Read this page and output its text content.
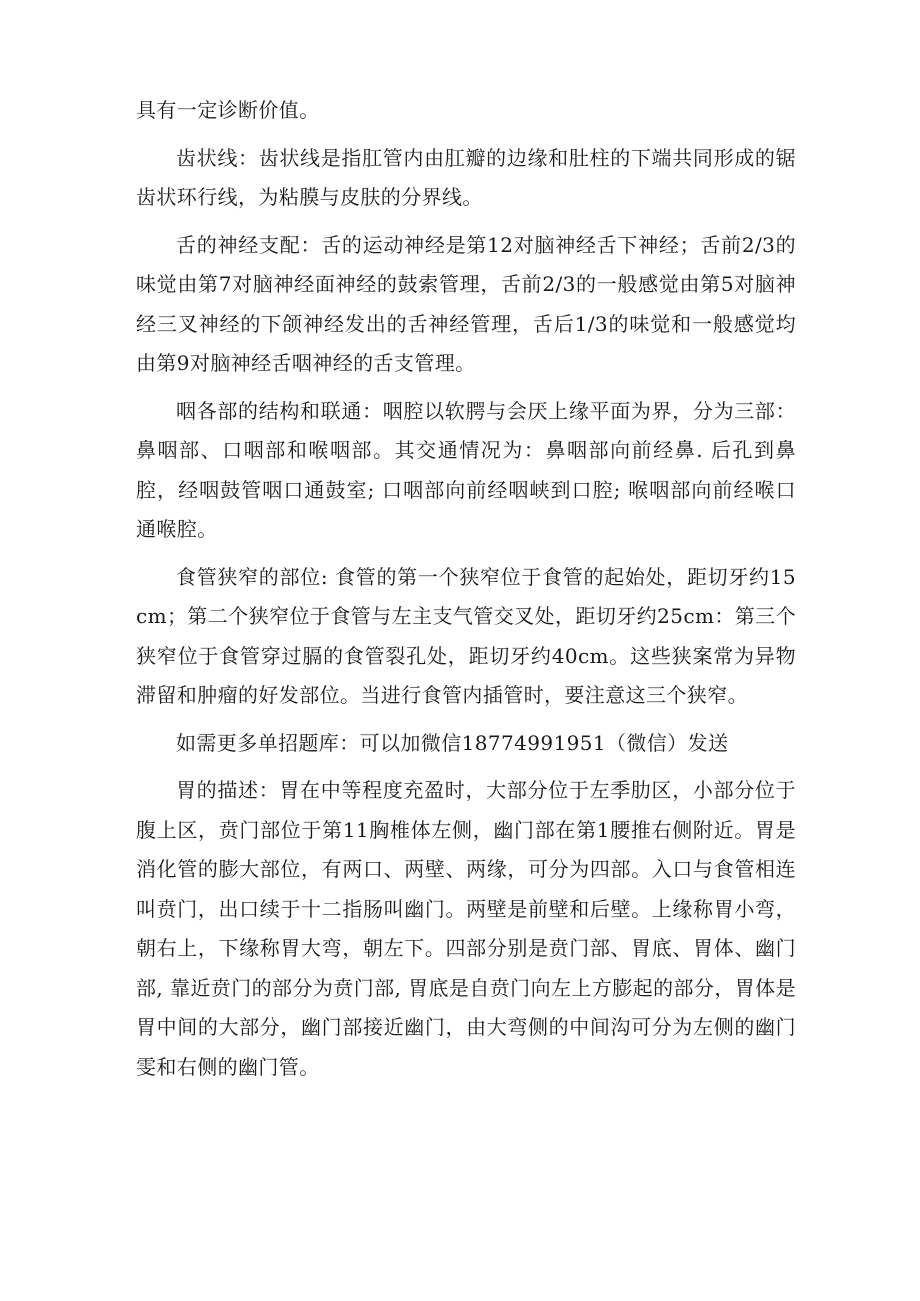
具有一定诊断价值。

齿状线：齿状线是指肛管内由肛瓣的边缘和肚柱的下端共同形成的锯齿状环行线，为粘膜与皮肤的分界线。

舌的神经支配：舌的运动神经是第12对脑神经舌下神经；舌前2/3的味觉由第7对脑神经面神经的鼓索管理，舌前2/3的一般感觉由第5对脑神经三叉神经的下颌神经发出的舌神经管理，舌后1/3的味觉和一般感觉均由第9对脑神经舌咽神经的舌支管理。

咽各部的结构和联通：咽腔以软腭与会厌上缘平面为界，分为三部：鼻咽部、口咽部和喉咽部。其交通情况为：鼻咽部向前经鼻. 后孔到鼻腔，经咽鼓管咽口通鼓室; 口咽部向前经咽峡到口腔; 喉咽部向前经喉口通喉腔。

食管狭窄的部位: 食管的第一个狭窄位于食管的起始处，距切牙约15cm；第二个狭窄位于食管与左主支气管交叉处，距切牙约25cm：第三个狭窄位于食管穿过膈的食管裂孔处，距切牙约40cm。这些狭案常为异物滞留和肿瘤的好发部位。当进行食管内插管时，要注意这三个狭窄。

如需更多单招题库：可以加微信18774991951（微信）发送

胃的描述：胃在中等程度充盈时，大部分位于左季肋区，小部分位于腹上区，贲门部位于第11胸椎体左侧，幽门部在第1腰推右侧附近。胃是消化管的膨大部位，有两口、两壁、两缘，可分为四部。入口与食管相连叫贲门，出口续于十二指肠叫幽门。两壁是前壁和后壁。上缘称胃小弯，朝右上，下缘称胃大弯，朝左下。四部分别是贲门部、胃底、胃体、幽门部, 靠近贲门的部分为贲门部, 胃底是自贲门向左上方膨起的部分，胃体是胃中间的大部分，幽门部接近幽门，由大弯侧的中间沟可分为左侧的幽门雯和右侧的幽门管。
